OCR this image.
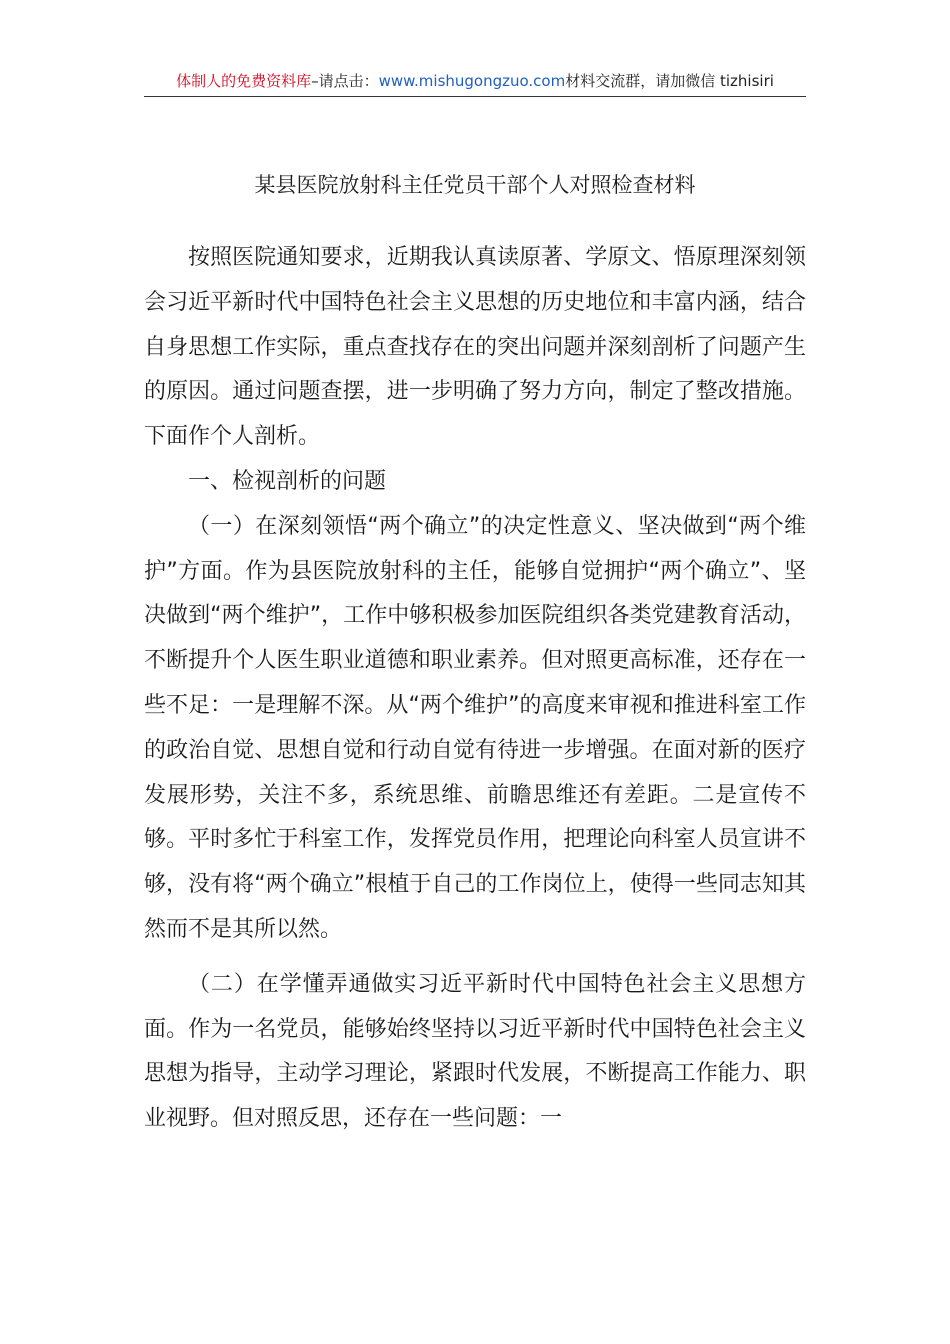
体制人的免费资料库–请点击：www.mishugongzuo.com材料交流群，请加微信 tizhisiri
某县医院放射科主任党员干部个人对照检查材料

按照医院通知要求，近期我认真读原著、学原文、悟原理深刻领会习近平新时代中国特色社会主义思想的历史地位和丰富内涵，结合自身思想工作实际，重点查找存在的突出问题并深刻剖析了问题产生的原因。通过问题查摆，进一步明确了努力方向，制定了整改措施。下面作个人剖析。

一、检视剖析的问题

（一）在深刻领悟“两个确立”的决定性意义、坚决做到“两个维护”方面。作为县医院放射科的主任，能够自觉拥护“两个确立”、坚决做到“两个维护”，工作中够积极参加医院组织各类党建教育活动，不断提升个人医生职业道德和职业素养。但对照更高标准，还存在一些不足：一是理解不深。从“两个维护”的高度来审视和推进科室工作的政治自觉、思想自觉和行动自觉有待进一步增强。在面对新的医疗发展形势，关注不多，系统思维、前瞻思维还有差距。二是宣传不够。平时多忙于科室工作，发挥党员作用，把理论向科室人员宣讲不够，没有将“两个确立”根植于自己的工作岗位上，使得一些同志知其然而不是其所以然。

（二）在学懂弄通做实习近平新时代中国特色社会主义思想方面。作为一名党员，能够始终坚持以习近平新时代中国特色社会主义思想为指导，主动学习理论，紧跟时代发展，不断提高工作能力、职业视野。但对照反思，还存在一些问题：一
